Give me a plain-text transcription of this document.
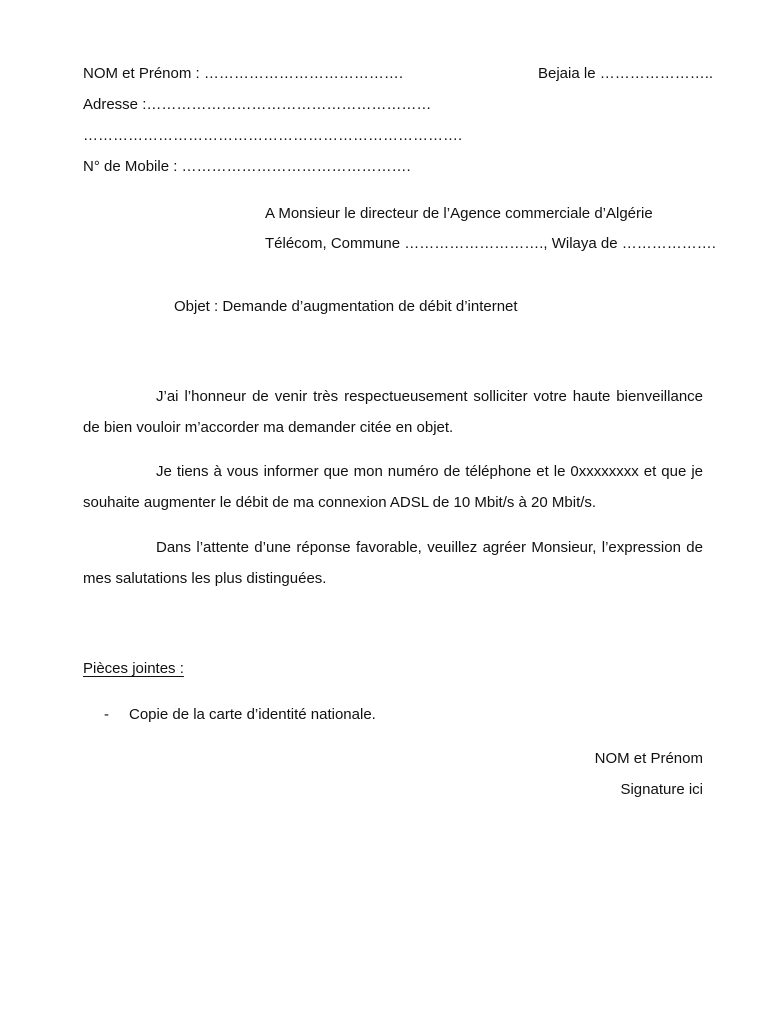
NOM et Prénom : ………………………………….	Bejaia le …………………..
Adresse :…………………………………………………
………………………………………………………………….
N° de Mobile : ……………………………………….
A Monsieur le directeur de l’Agence commerciale d’Algérie
Télécom, Commune ………………………., Wilaya de ……………….
Objet : Demande d’augmentation de débit d’internet

J’ai l’honneur de venir très respectueusement solliciter votre haute bienveillance de bien vouloir m’accorder ma demander citée en objet.

Je tiens à vous informer que mon numéro de téléphone et le 0xxxxxxxx et que je souhaite augmenter le débit de ma connexion ADSL de 10 Mbit/s à 20 Mbit/s.

Dans l’attente d’une réponse favorable, veuillez agréer Monsieur, l’expression de mes salutations les plus distinguées.

Pièces jointes :
- Copie de la carte d’identité nationale.
NOM et Prénom
Signature ici
